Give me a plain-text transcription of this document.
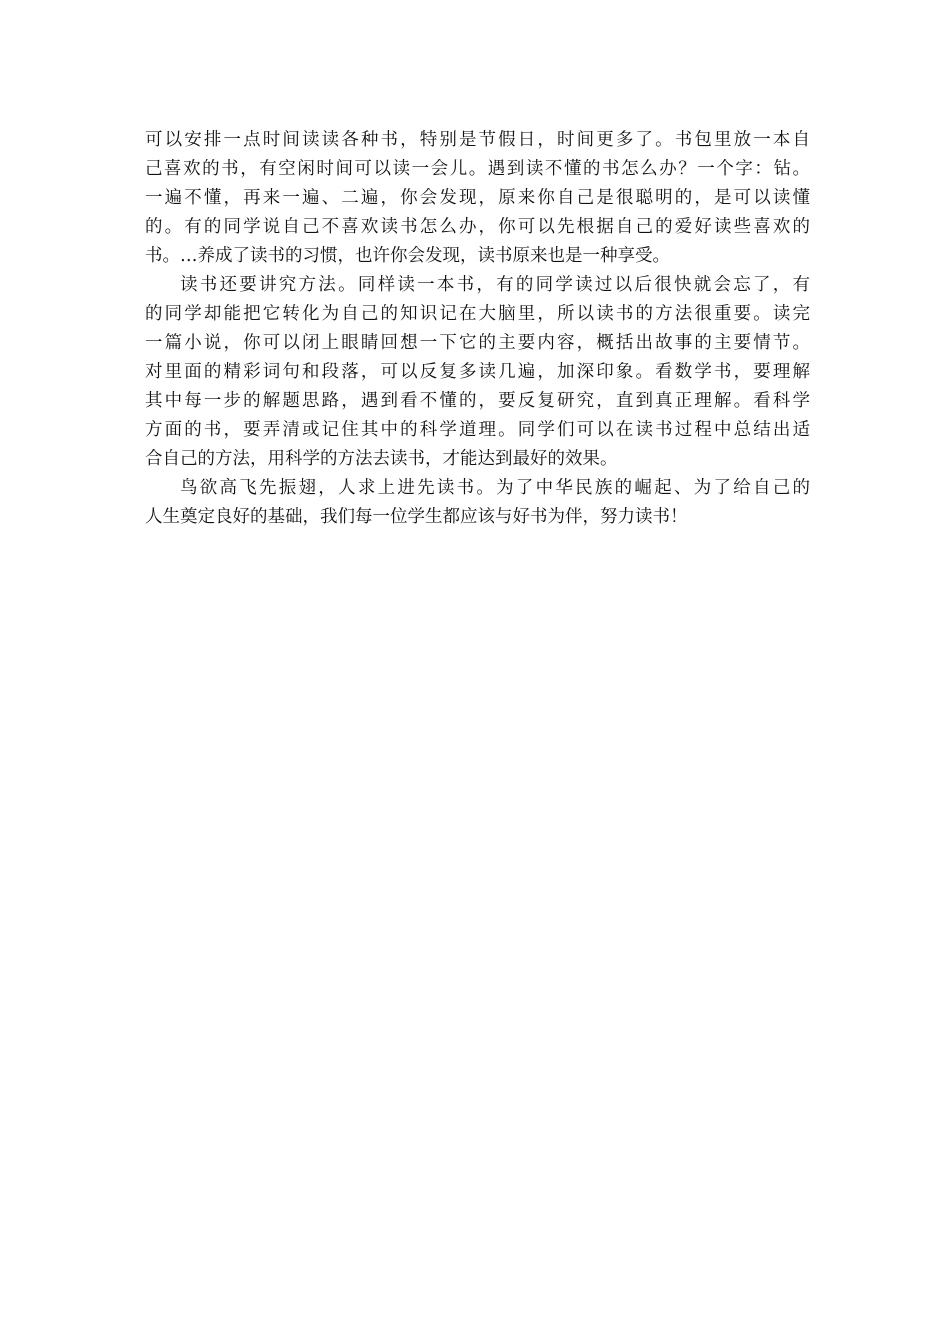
可以安排一点时间读读各种书，特别是节假日，时间更多了。书包里放一本自
己喜欢的书，有空闲时间可以读一会儿。遇到读不懂的书怎么办？一个字：钻。
一遍不懂，再来一遍、二遍，你会发现，原来你自己是很聪明的，是可以读懂
的。有的同学说自己不喜欢读书怎么办，你可以先根据自己的爱好读些喜欢的
书。…养成了读书的习惯，也许你会发现，读书原来也是一种享受。
读书还要讲究方法。同样读一本书，有的同学读过以后很快就会忘了，有
的同学却能把它转化为自己的知识记在大脑里，所以读书的方法很重要。读完
一篇小说，你可以闭上眼睛回想一下它的主要内容，概括出故事的主要情节。
对里面的精彩词句和段落，可以反复多读几遍，加深印象。看数学书，要理解
其中每一步的解题思路，遇到看不懂的，要反复研究，直到真正理解。看科学
方面的书，要弄清或记住其中的科学道理。同学们可以在读书过程中总结出适
合自己的方法，用科学的方法去读书，才能达到最好的效果。
鸟欲高飞先振翅，人求上进先读书。为了中华民族的崛起、为了给自己的
人生奠定良好的基础，我们每一位学生都应该与好书为伴，努力读书！
